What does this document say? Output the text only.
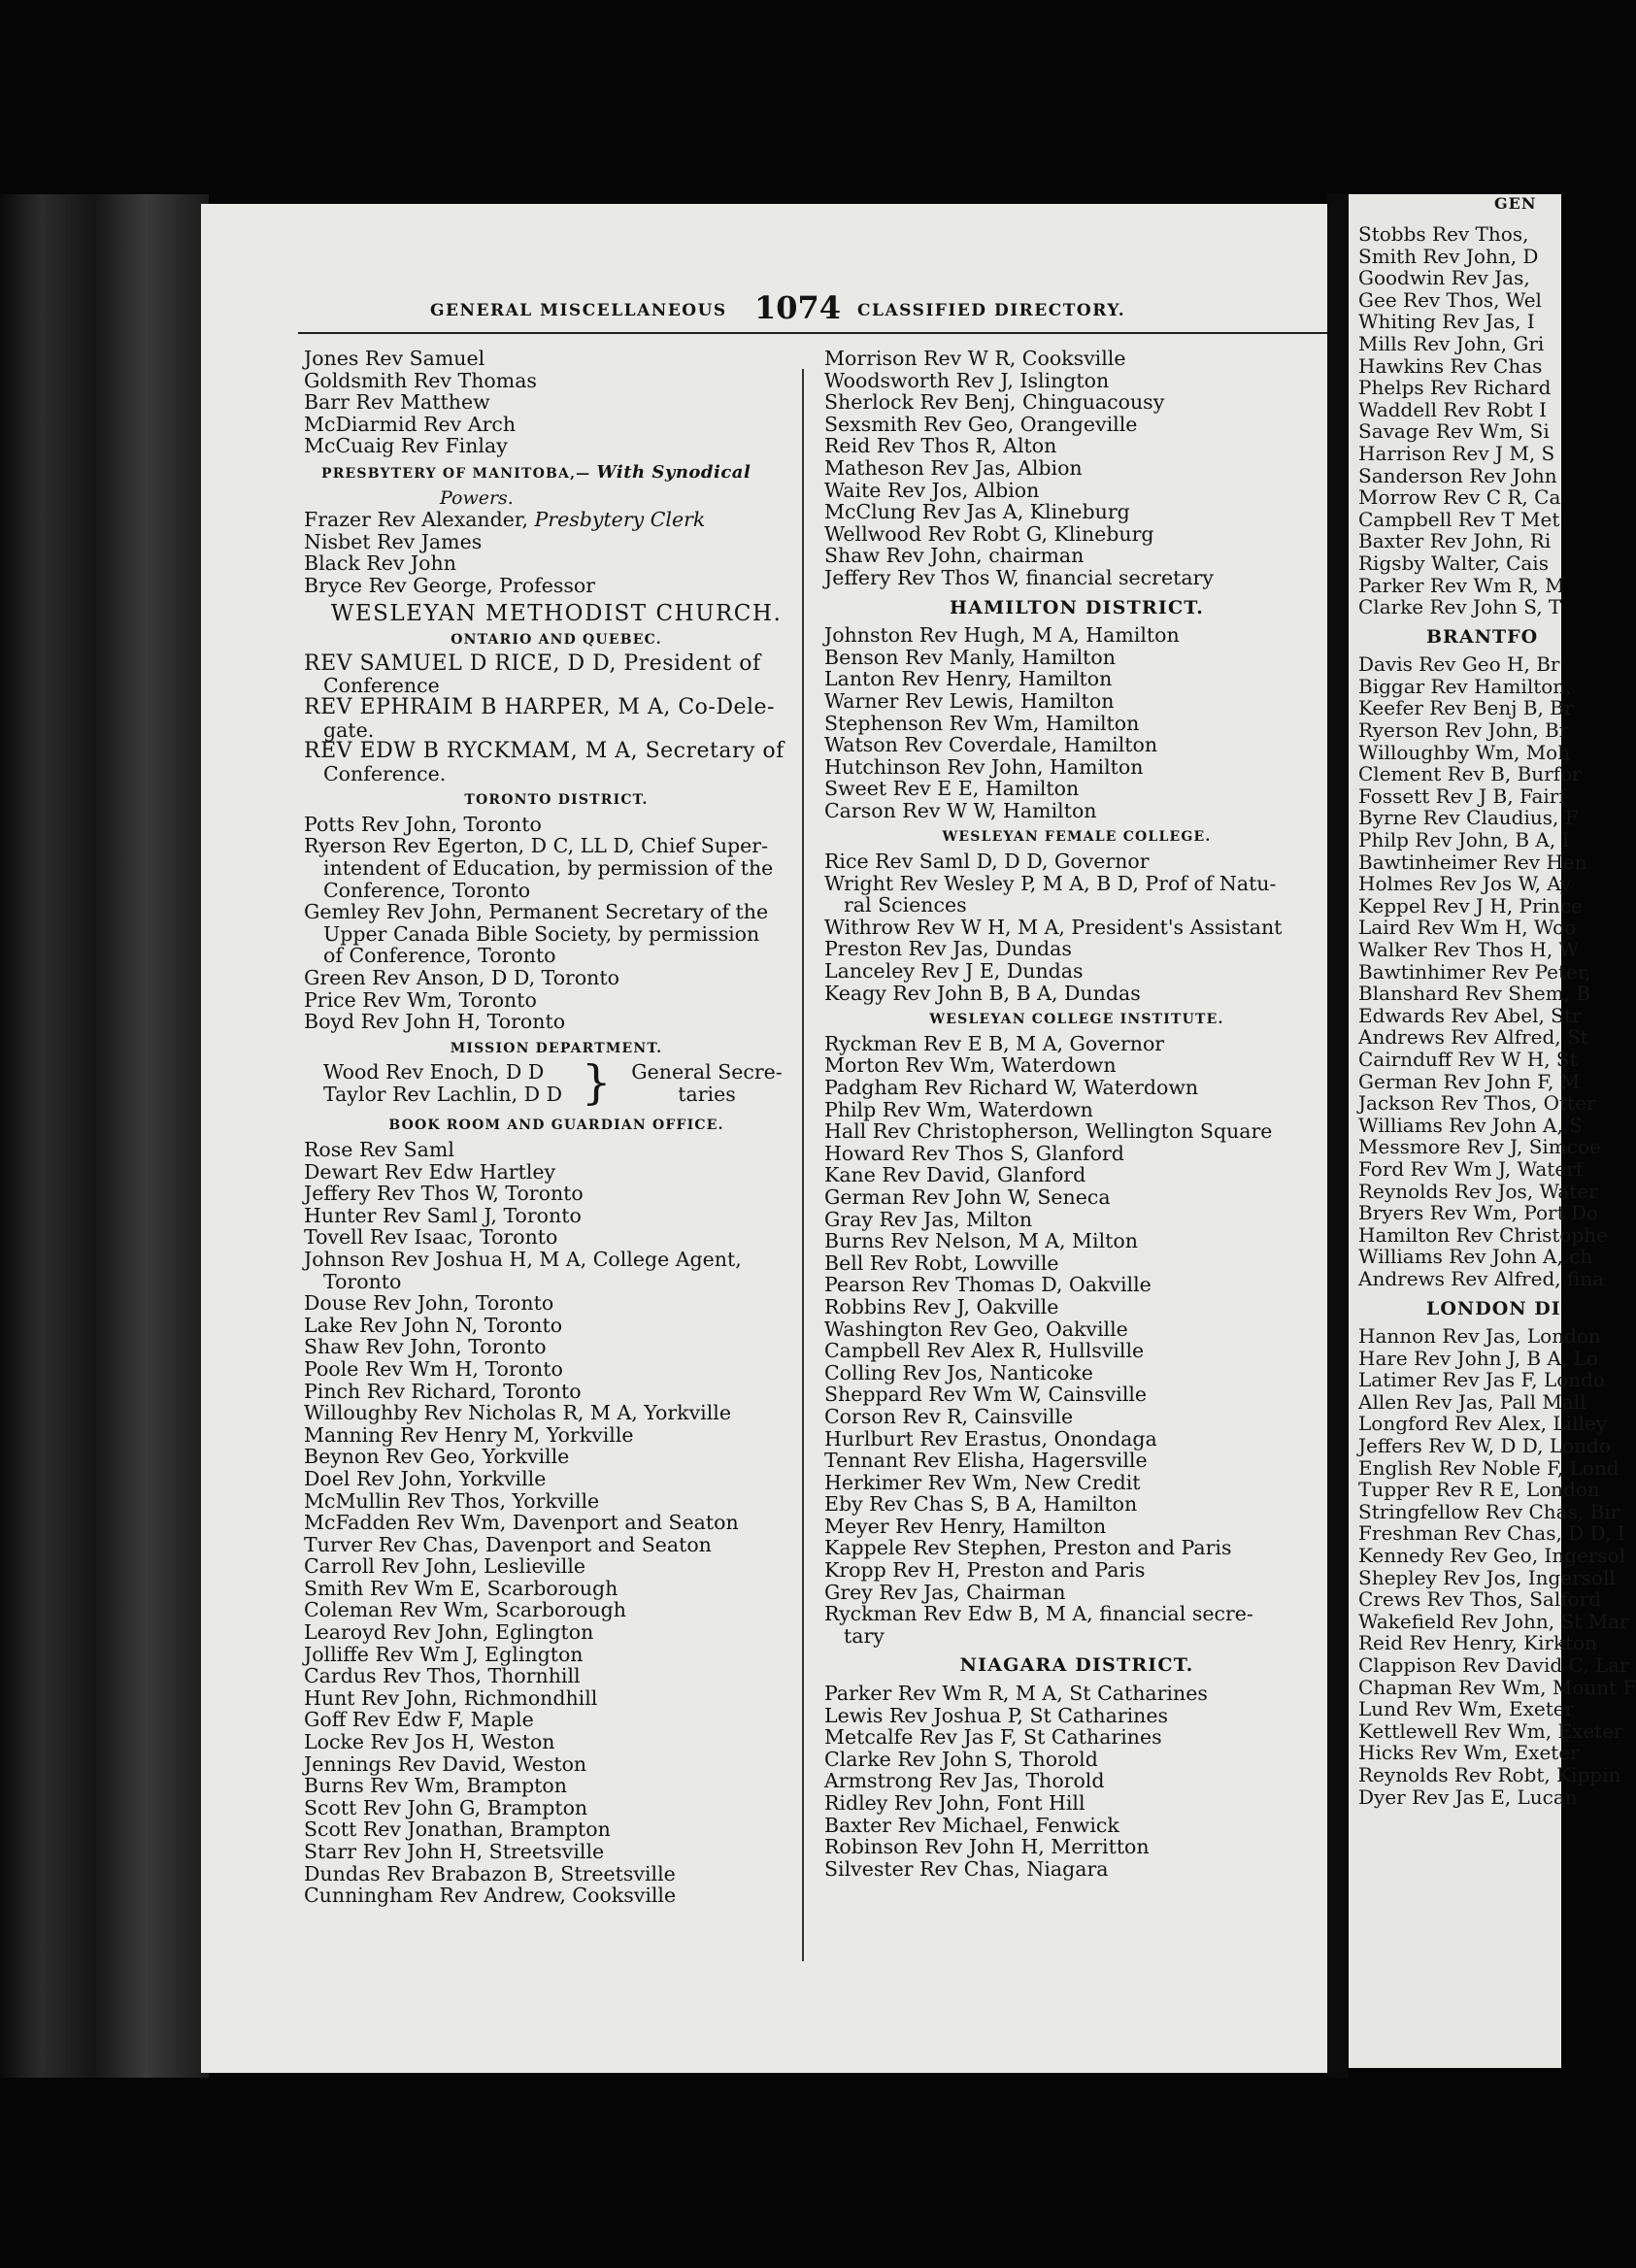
GENERAL MISCELLANEOUS 1074 CLASSIFIED DIRECTORY.
Jones Rev Samuel
Goldsmith Rev Thomas
Barr Rev Matthew
McDiarmid Rev Arch
McCuaig Rev Finlay
PRESBYTERY OF MANITOBA,— With Synodical
Powers.
Frazer Rev Alexander, Presbytery Clerk
Nisbet Rev James
Black Rev John
Bryce Rev George, Professor
WESLEYAN METHODIST CHURCH.
ONTARIO AND QUEBEC.
REV SAMUEL D RICE, D D, President of
Conference
REV EPHRAIM B HARPER, M A, Co-Dele-
gate.
REV EDW B RYCKMAM, M A, Secretary of
Conference.
TORONTO DISTRICT.
Potts Rev John, Toronto
Ryerson Rev Egerton, D C, LL D, Chief Super-
intendent of Education, by permission of the
Conference, Toronto
Gemley Rev John, Permanent Secretary of the
Upper Canada Bible Society, by permission
of Conference, Toronto
Green Rev Anson, D D, Toronto
Price Rev Wm, Toronto
Boyd Rev John H, Toronto
MISSION DEPARTMENT.
Wood Rev Enoch, D D
Taylor Rev Lachlin, D D }	General Secre-
taries
BOOK ROOM AND GUARDIAN OFFICE.
Rose Rev Saml
Dewart Rev Edw Hartley
Jeffery Rev Thos W, Toronto
Hunter Rev Saml J, Toronto
Tovell Rev Isaac, Toronto
Johnson Rev Joshua H, M A, College Agent,
Toronto
Douse Rev John, Toronto
Lake Rev John N, Toronto
Shaw Rev John, Toronto
Poole Rev Wm H, Toronto
Pinch Rev Richard, Toronto
Willoughby Rev Nicholas R, M A, Yorkville
Manning Rev Henry M, Yorkville
Beynon Rev Geo, Yorkville
Doel Rev John, Yorkville
McMullin Rev Thos, Yorkville
McFadden Rev Wm, Davenport and Seaton
Turver Rev Chas, Davenport and Seaton
Carroll Rev John, Leslieville
Smith Rev Wm E, Scarborough
Coleman Rev Wm, Scarborough
Learoyd Rev John, Eglington
Jolliffe Rev Wm J, Eglington
Cardus Rev Thos, Thornhill
Hunt Rev John, Richmondhill
Goff Rev Edw F, Maple
Locke Rev Jos H, Weston
Jennings Rev David, Weston
Burns Rev Wm, Brampton
Scott Rev John G, Brampton
Scott Rev Jonathan, Brampton
Starr Rev John H, Streetsville
Dundas Rev Brabazon B, Streetsville
Cunningham Rev Andrew, Cooksville
Morrison Rev W R, Cooksville
Woodsworth Rev J, Islington
Sherlock Rev Benj, Chinguacousy
Sexsmith Rev Geo, Orangeville
Reid Rev Thos R, Alton
Matheson Rev Jas, Albion
Waite Rev Jos, Albion
McClung Rev Jas A, Klineburg
Wellwood Rev Robt G, Klineburg
Shaw Rev John, chairman
Jeffery Rev Thos W, financial secretary
HAMILTON DISTRICT.
Johnston Rev Hugh, M A, Hamilton
Benson Rev Manly, Hamilton
Lanton Rev Henry, Hamilton
Warner Rev Lewis, Hamilton
Stephenson Rev Wm, Hamilton
Watson Rev Coverdale, Hamilton
Hutchinson Rev John, Hamilton
Sweet Rev E E, Hamilton
Carson Rev W W, Hamilton
WESLEYAN FEMALE COLLEGE.
Rice Rev Saml D, D D, Governor
Wright Rev Wesley P, M A, B D, Prof of Natu-
ral Sciences
Withrow Rev W H, M A, President's Assistant
Preston Rev Jas, Dundas
Lanceley Rev J E, Dundas
Keagy Rev John B, B A, Dundas
WESLEYAN COLLEGE INSTITUTE.
Ryckman Rev E B, M A, Governor
Morton Rev Wm, Waterdown
Padgham Rev Richard W, Waterdown
Philp Rev Wm, Waterdown
Hall Rev Christopherson, Wellington Square
Howard Rev Thos S, Glanford
Kane Rev David, Glanford
German Rev John W, Seneca
Gray Rev Jas, Milton
Burns Rev Nelson, M A, Milton
Bell Rev Robt, Lowville
Pearson Rev Thomas D, Oakville
Robbins Rev J, Oakville
Washington Rev Geo, Oakville
Campbell Rev Alex R, Hullsville
Colling Rev Jos, Nanticoke
Sheppard Rev Wm W, Cainsville
Corson Rev R, Cainsville
Hurlburt Rev Erastus, Onondaga
Tennant Rev Elisha, Hagersville
Herkimer Rev Wm, New Credit
Eby Rev Chas S, B A, Hamilton
Meyer Rev Henry, Hamilton
Kappele Rev Stephen, Preston and Paris
Kropp Rev H, Preston and Paris
Grey Rev Jas, Chairman
Ryckman Rev Edw B, M A, financial secre-
tary
NIAGARA DISTRICT.
Parker Rev Wm R, M A, St Catharines
Lewis Rev Joshua P, St Catharines
Metcalfe Rev Jas F, St Catharines
Clarke Rev John S, Thorold
Armstrong Rev Jas, Thorold
Ridley Rev John, Font Hill
Baxter Rev Michael, Fenwick
Robinson Rev John H, Merritton
Silvester Rev Chas, Niagara
GEN
Stobbs Rev Thos,
Smith Rev John, D
Goodwin Rev Jas,
Gee Rev Thos, Wel
Whiting Rev Jas, I
Mills Rev John, Gri
Hawkins Rev Chas
Phelps Rev Richard
Waddell Rev Robt I
Savage Rev Wm, Si
Harrison Rev J M, S
Sanderson Rev John
Morrow Rev C R, Ca
Campbell Rev T Met
Baxter Rev John, Ri
Rigsby Walter, Cais
Parker Rev Wm R, M
Clarke Rev John S, T
BRANTFO
Davis Rev Geo H, Br
Biggar Rev Hamilton,
Keefer Rev Benj B, Br
Ryerson Rev John, Br
Willoughby Wm, Moh
Clement Rev B, Burfor
Fossett Rev J B, Fairf
Byrne Rev Claudius, F
Philp Rev John, B A, I
Bawtinheimer Rev Hen
Holmes Rev Jos W, Ay
Keppel Rev J H, Prince
Laird Rev Wm H, Woo
Walker Rev Thos H, W
Bawtinhimer Rev Peter,
Blanshard Rev Shem, B
Edwards Rev Abel, Str
Andrews Rev Alfred, St
Cairnduff Rev W H, St
German Rev John F, M
Jackson Rev Thos, Otter
Williams Rev John A, S
Messmore Rev J, Simcoe
Ford Rev Wm J, Waterf
Reynolds Rev Jos, Water
Bryers Rev Wm, Port Do
Hamilton Rev Christophe
Williams Rev John A, ch
Andrews Rev Alfred, fina
LONDON DI
Hannon Rev Jas, London
Hare Rev John J, B A, Lo
Latimer Rev Jas F, Londo
Allen Rev Jas, Pall Mall
Longford Rev Alex, Lilley
Jeffers Rev W, D D, Londo
English Rev Noble F, Lond
Tupper Rev R E, London
Stringfellow Rev Chas, Bir
Freshman Rev Chas, D D, I
Kennedy Rev Geo, Ingersol
Shepley Rev Jos, Ingersoll
Crews Rev Thos, Salford
Wakefield Rev John, St Mar
Reid Rev Henry, Kirkton
Clappison Rev David C, Lar
Chapman Rev Wm, Mount F
Lund Rev Wm, Exeter
Kettlewell Rev Wm, Exeter
Hicks Rev Wm, Exeter
Reynolds Rev Robt, Kippin
Dyer Rev Jas E, Lucan
